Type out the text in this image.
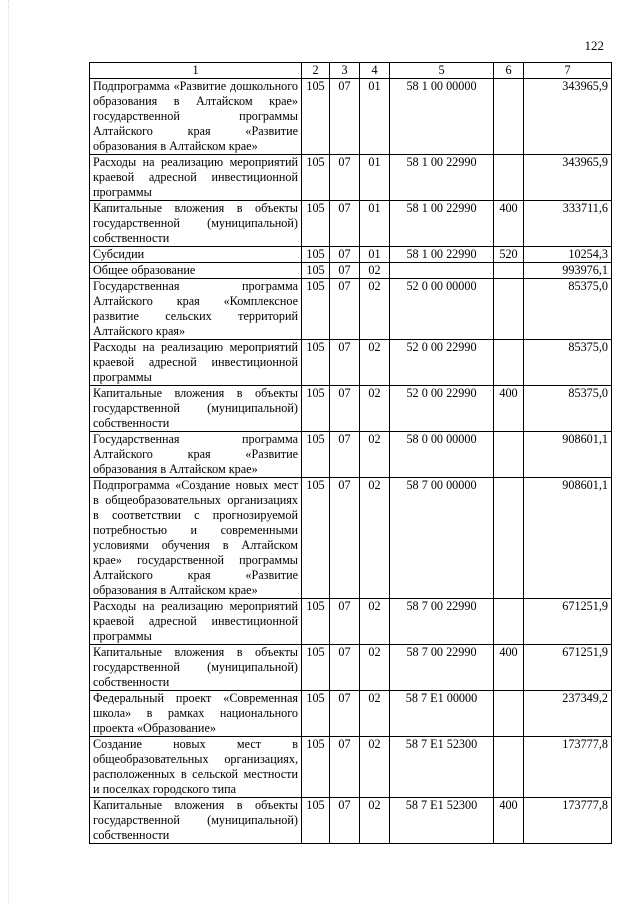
122
1	2	3	4	5	6	7
Подпрограмма «Развитие дошкольного образования в Алтайском крае» государственной программы Алтайского края «Развитие образования в Алтайском крае»	105	07	01	58 1 00 00000		343965,9
Расходы на реализацию мероприятий краевой адресной инвестиционной программы	105	07	01	58 1 00 22990		343965,9
Капитальные вложения в объекты государственной (муниципальной) собственности	105	07	01	58 1 00 22990	400	333711,6
Субсидии	105	07	01	58 1 00 22990	520	10254,3
Общее образование	105	07	02			993976,1
Государственная программа Алтайского края «Комплексное развитие сельских территорий Алтайского края»	105	07	02	52 0 00 00000		85375,0
Расходы на реализацию мероприятий краевой адресной инвестиционной программы	105	07	02	52 0 00 22990		85375,0
Капитальные вложения в объекты государственной (муниципальной) собственности	105	07	02	52 0 00 22990	400	85375,0
Государственная программа Алтайского края «Развитие образования в Алтайском крае»	105	07	02	58 0 00 00000		908601,1
Подпрограмма «Создание новых мест в общеобразовательных организациях в соответствии с прогнозируемой потребностью и современными условиями обучения в Алтайском крае» государственной программы Алтайского края «Развитие образования в Алтайском крае»	105	07	02	58 7 00 00000		908601,1
Расходы на реализацию мероприятий краевой адресной инвестиционной программы	105	07	02	58 7 00 22990		671251,9
Капитальные вложения в объекты государственной (муниципальной) собственности	105	07	02	58 7 00 22990	400	671251,9
Федеральный проект «Современная школа» в рамках национального проекта «Образование»	105	07	02	58 7 E1 00000		237349,2
Создание новых мест в общеобразовательных организациях, расположенных в сельской местности и поселках городского типа	105	07	02	58 7 E1 52300		173777,8
Капитальные вложения в объекты государственной (муниципальной) собственности	105	07	02	58 7 E1 52300	400	173777,8
